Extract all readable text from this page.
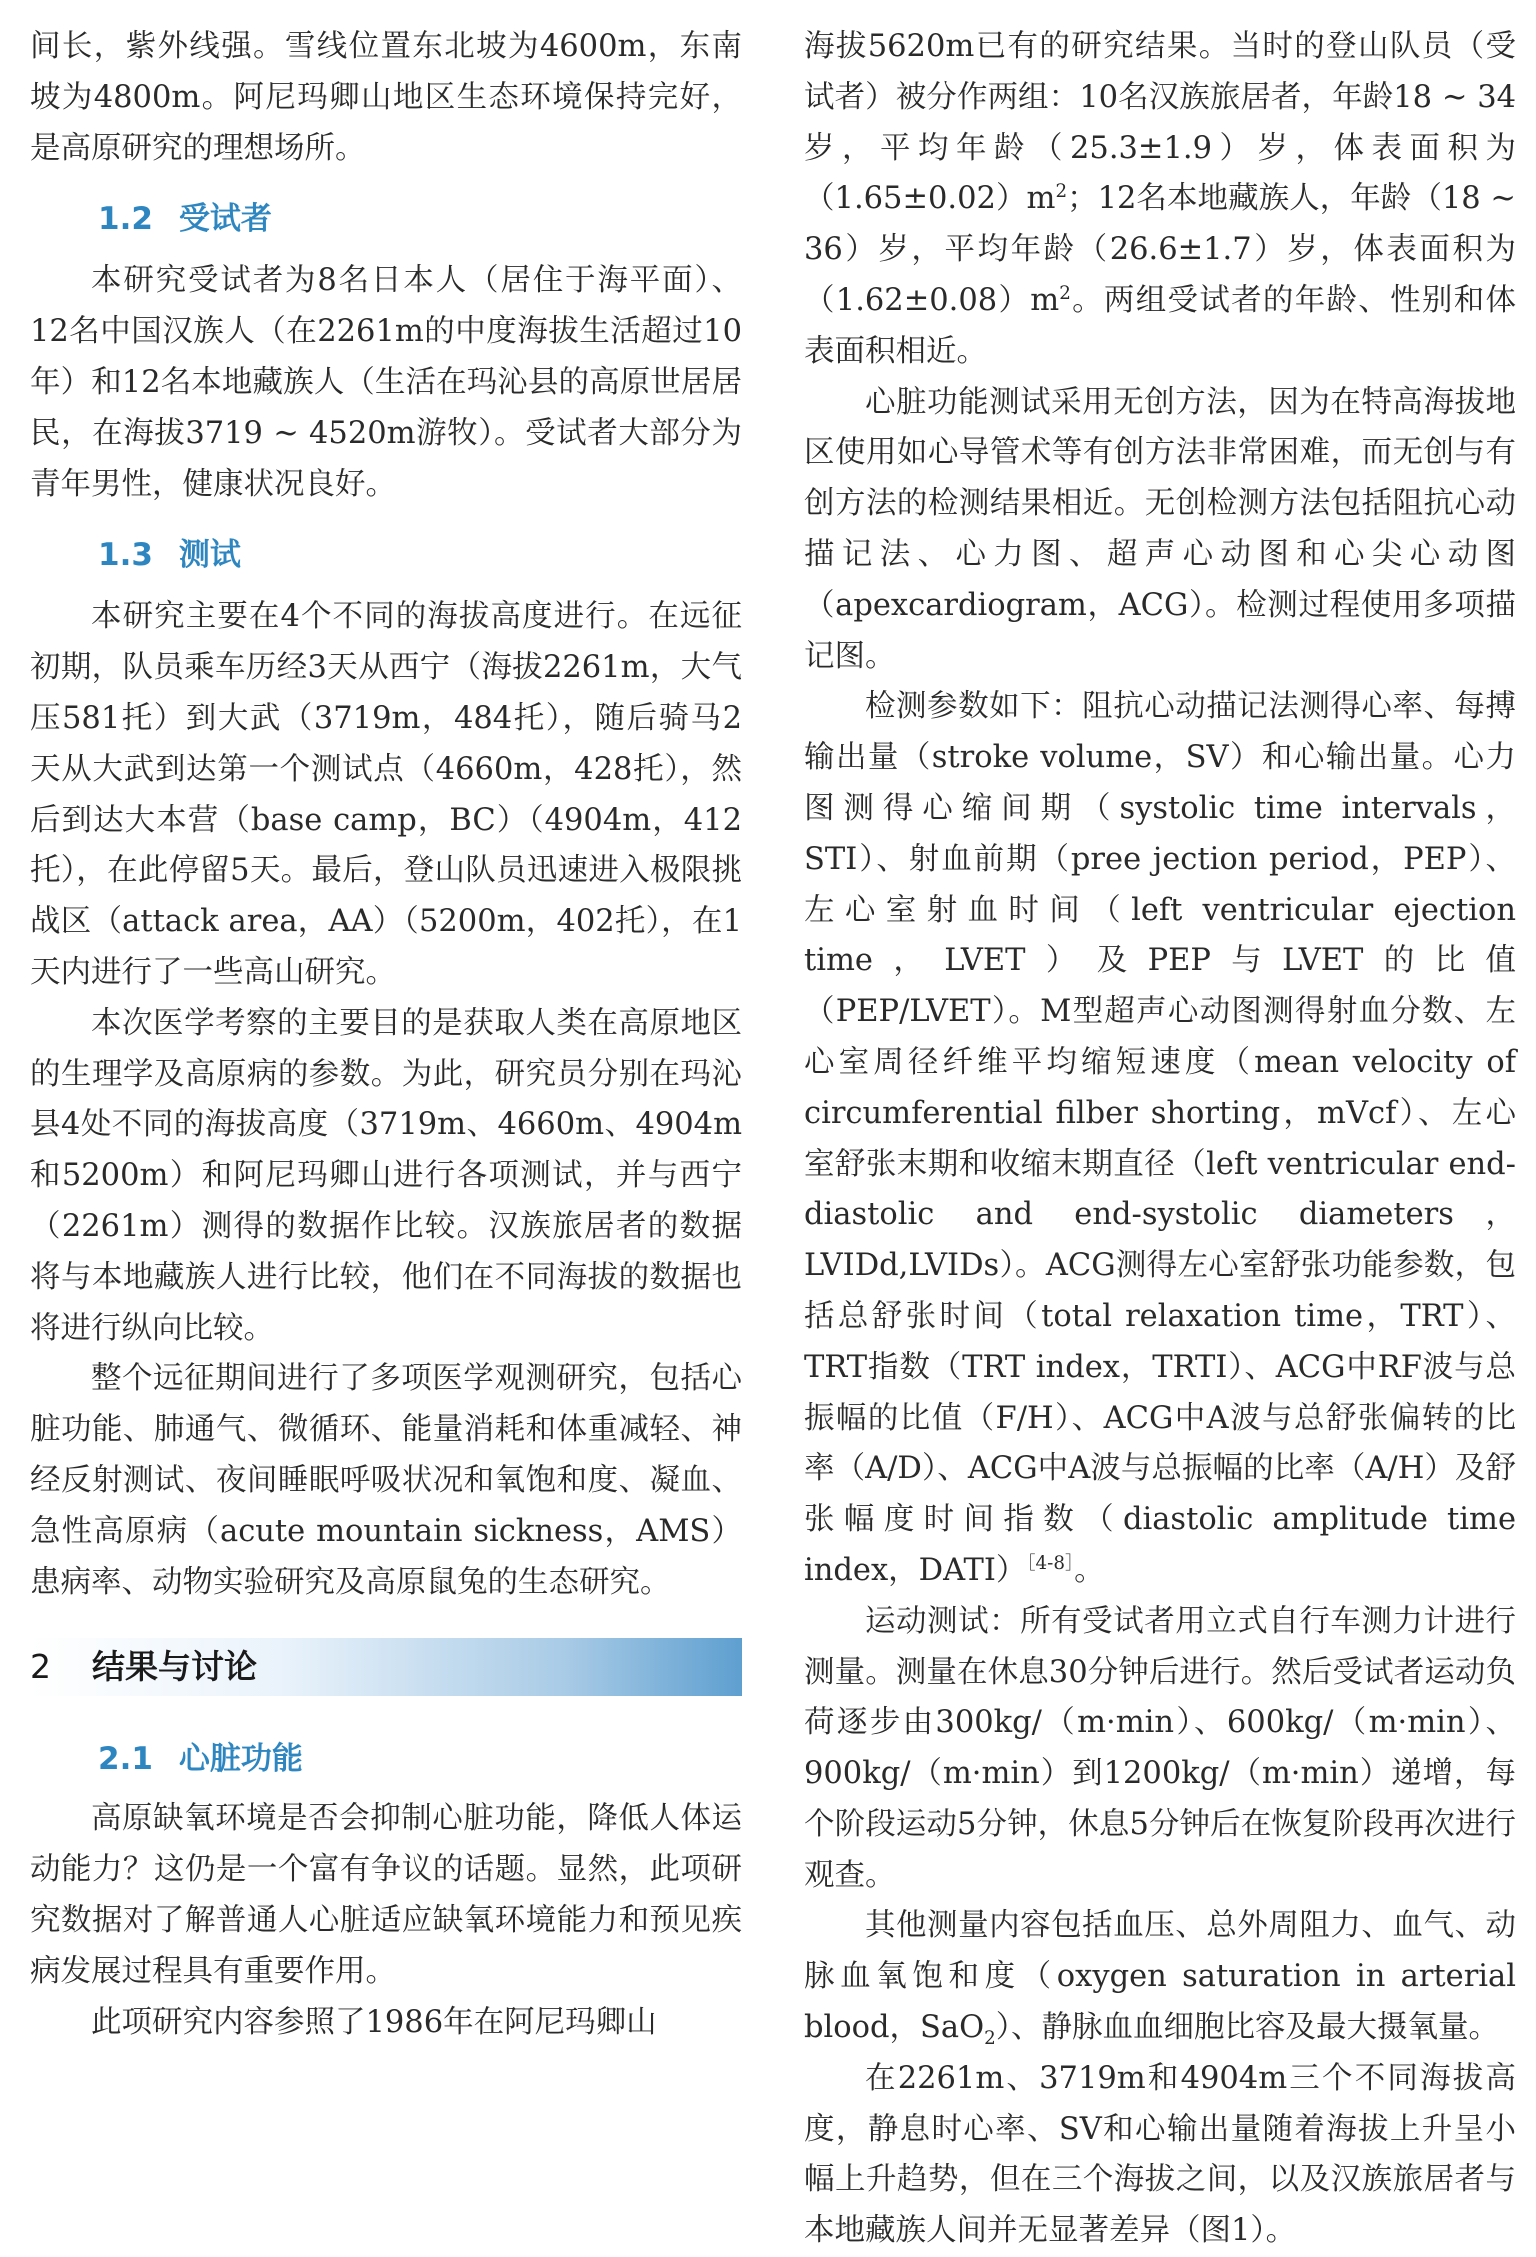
间长，紫外线强。雪线位置东北坡为4600m，东南坡为4800m。阿尼玛卿山地区生态环境保持完好，是高原研究的理想场所。

1.2 受试者

本研究受试者为8名日本人（居住于海平面）、12名中国汉族人（在2261m的中度海拔生活超过10年）和12名本地藏族人（生活在玛沁县的高原世居居民，在海拔3719 ~ 4520m游牧）。受试者大部分为青年男性，健康状况良好。

1.3 测试

本研究主要在4个不同的海拔高度进行。在远征初期，队员乘车历经3天从西宁（海拔2261m，大气压581托）到大武（3719m，484托），随后骑马2天从大武到达第一个测试点（4660m，428托），然后到达大本营（base camp，BC）（4904m，412托），在此停留5天。最后，登山队员迅速进入极限挑战区（attack area，AA）（5200m，402托），在1天内进行了一些高山研究。

本次医学考察的主要目的是获取人类在高原地区的生理学及高原病的参数。为此，研究员分别在玛沁县4处不同的海拔高度（3719m、4660m、4904m和5200m）和阿尼玛卿山进行各项测试，并与西宁（2261m）测得的数据作比较。汉族旅居者的数据将与本地藏族人进行比较，他们在不同海拔的数据也将进行纵向比较。

整个远征期间进行了多项医学观测研究，包括心脏功能、肺通气、微循环、能量消耗和体重减轻、神经反射测试、夜间睡眠呼吸状况和氧饱和度、凝血、急性高原病（acute mountain sickness，AMS）患病率、动物实验研究及高原鼠兔的生态研究。

2 结果与讨论
2.1 心脏功能

高原缺氧环境是否会抑制心脏功能，降低人体运动能力？这仍是一个富有争议的话题。显然，此项研究数据对了解普通人心脏适应缺氧环境能力和预见疾病发展过程具有重要作用。

此项研究内容参照了1986年在阿尼玛卿山

海拔5620m已有的研究结果。当时的登山队员（受试者）被分作两组：10名汉族旅居者，年龄18 ~ 34岁，平均年龄（25.3±1.9）岁，体表面积为$(1.65\pm 0.02)m^2$；12名本地藏族人，年龄（18 ~ 36）岁，平均年龄（26.6±1.7）岁，体表面积为$(1.62\pm 0.08)m^2$。两组受试者的年龄、性别和体表面积相近。

心脏功能测试采用无创方法，因为在特高海拔地区使用如心导管术等有创方法非常困难，而无创与有创方法的检测结果相近。无创检测方法包括阻抗心动描记法、心力图、超声心动图和心尖心动图（apexcardiogram，ACG）。检测过程使用多项描记图。

检测参数如下：阻抗心动描记法测得心率、每搏输出量（stroke volume，SV）和心输出量。心力图测得心缩间期（systolic time intervals，STI）、射血前期（pree jection period，PEP）、左心室射血时间（left ventricular ejection time，LVET）及PEP与LVET的比值（PEP/LVET）。M型超声心动图测得射血分数、左心室周径纤维平均缩短速度（mean velocity of circumferential filber shorting，mVcf）、左心室舒张末期和收缩末期直径（left ventricular end-diastolic and end-systolic diameters，LVIDd,LVIDs）。ACG测得左心室舒张功能参数，包括总舒张时间（total relaxation time，TRT）、TRT指数（TRT index，TRTI）、ACG中RF波与总振幅的比值（F/H）、ACG中A波与总舒张偏转的比率（A/D）、ACG中A波与总振幅的比率（A/H）及舒张幅度时间指数（diastolic amplitude time index，DATI）$^{[4-8]}$。

运动测试：所有受试者用立式自行车测力计进行测量。测量在休息30分钟后进行。然后受试者运动负荷逐步由300kg/（m·min）、600kg/（m·min）、900kg/（m·min）到1200kg/（m·min）递增，每个阶段运动5分钟，休息5分钟后在恢复阶段再次进行观查。

其他测量内容包括血压、总外周阻力、血气、动脉血氧饱和度（oxygen saturation in arterial blood，SaO$_2$）、静脉血血细胞比容及最大摄氧量。

在2261m、3719m和4904m三个不同海拔高度，静息时心率、SV和心输出量随着海拔上升呈小幅上升趋势，但在三个海拔之间，以及汉族旅居者与本地藏族人间并无显著差异（图1）。
